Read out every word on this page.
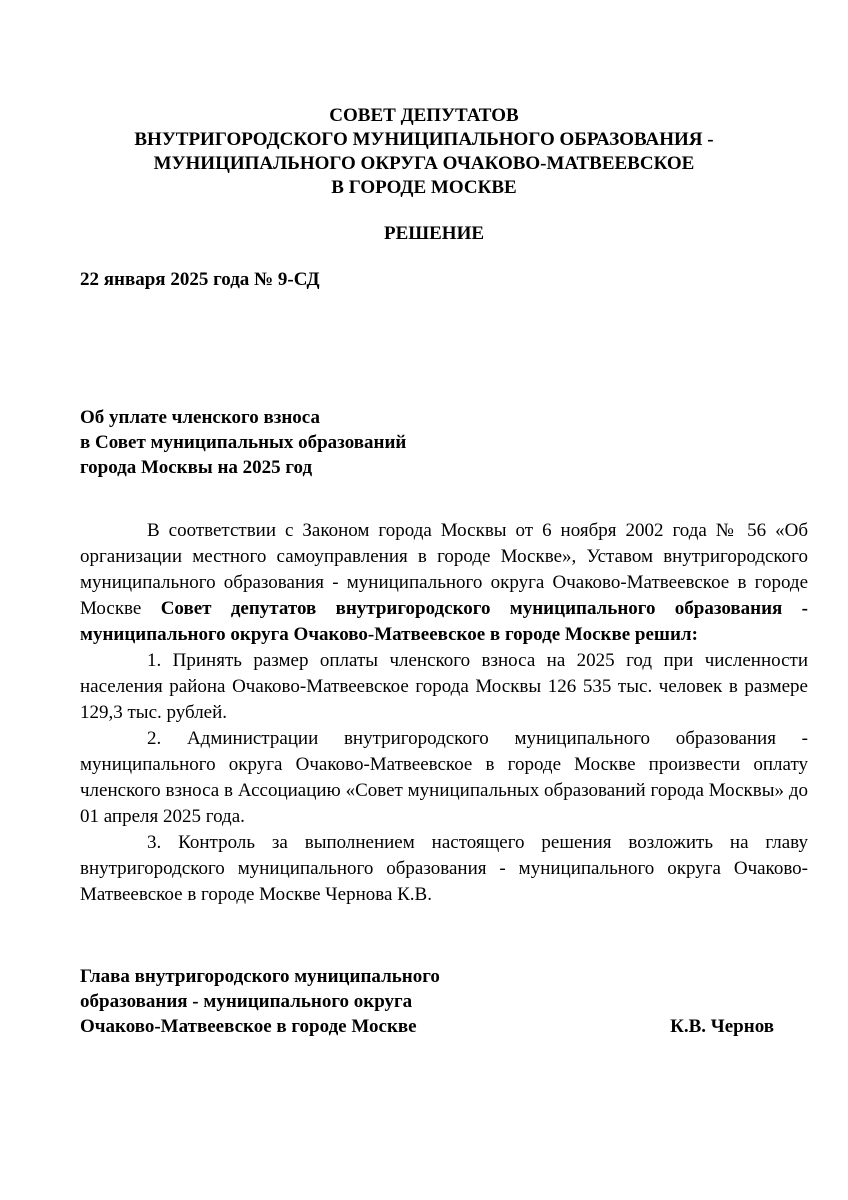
СОВЕТ ДЕПУТАТОВ
ВНУТРИГОРОДСКОГО МУНИЦИПАЛЬНОГО ОБРАЗОВАНИЯ -
МУНИЦИПАЛЬНОГО ОКРУГА ОЧАКОВО-МАТВЕЕВСКОЕ
В ГОРОДЕ МОСКВЕ
РЕШЕНИЕ
22 января 2025 года № 9-СД
Об уплате членского взноса
в Совет муниципальных образований
города Москвы на 2025 год

В соответствии с Законом города Москвы от 6 ноября 2002 года № 56 «Об организации местного самоуправления в городе Москве», Уставом внутригородского муниципального образования - муниципального округа Очаково-Матвеевское в городе Москве Совет депутатов внутригородского муниципального образования - муниципального округа Очаково-Матвеевское в городе Москве решил:

1. Принять размер оплаты членского взноса на 2025 год при численности населения района Очаково-Матвеевское города Москвы 126 535 тыс. человек в размере 129,3 тыс. рублей.

2. Администрации внутригородского муниципального образования - муниципального округа Очаково-Матвеевское в городе Москве произвести оплату членского взноса в Ассоциацию «Совет муниципальных образований города Москвы» до 01 апреля 2025 года.

3. Контроль за выполнением настоящего решения возложить на главу внутригородского муниципального образования - муниципального округа Очаково-Матвеевское в городе Москве Чернова К.В.

Глава внутригородского муниципального
образования - муниципального округа
Очаково-Матвеевское в городе Москве	К.В. Чернов
